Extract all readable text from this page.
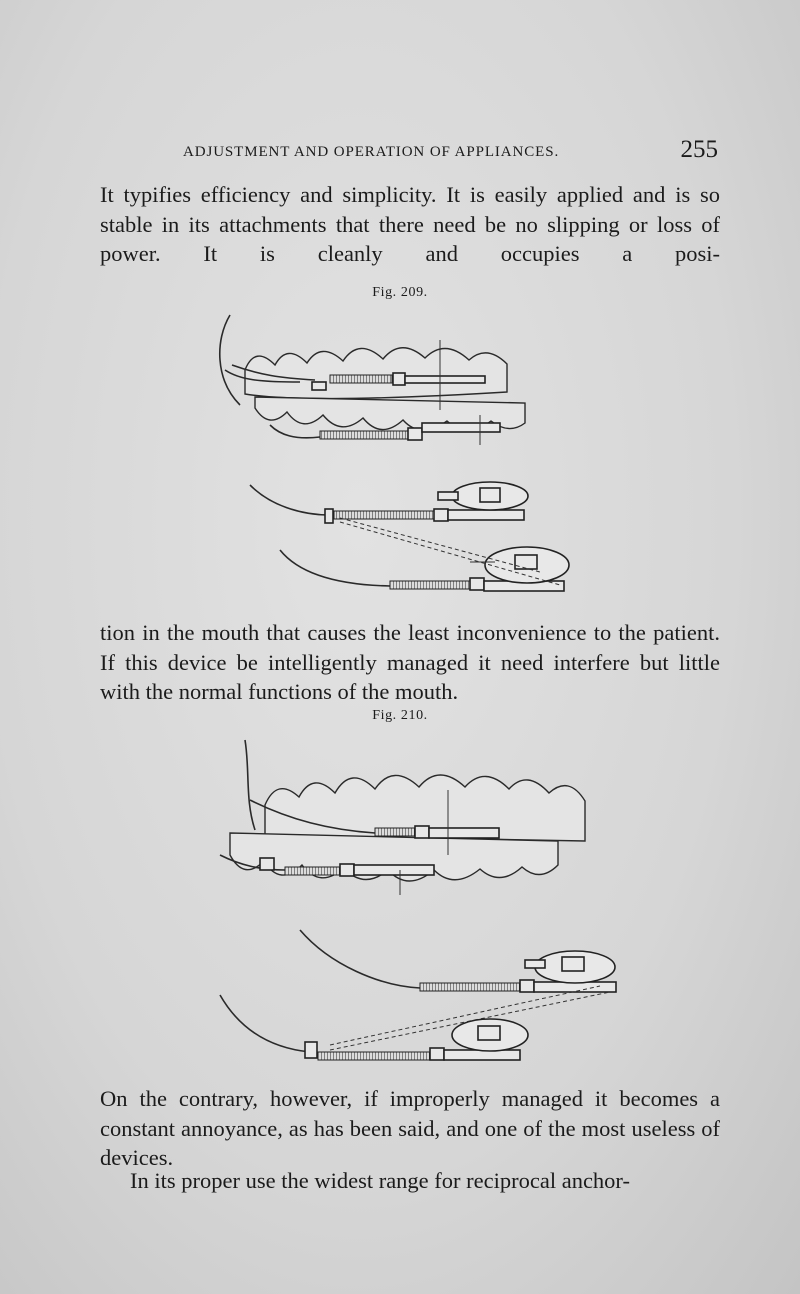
ADJUSTMENT AND OPERATION OF APPLIANCES.	255
It typifies efficiency and simplicity. It is easily applied and is so stable in its attachments that there need be no slipping or loss of power. It is cleanly and occupies a posi-
Fig. 209.
tion in the mouth that causes the least inconvenience to the patient. If this device be intelligently managed it need interfere but little with the normal functions of the mouth.
Fig. 210.
On the contrary, however, if improperly managed it becomes a constant annoyance, as has been said, and one of the most useless of devices.
In its proper use the widest range for reciprocal anchor-
